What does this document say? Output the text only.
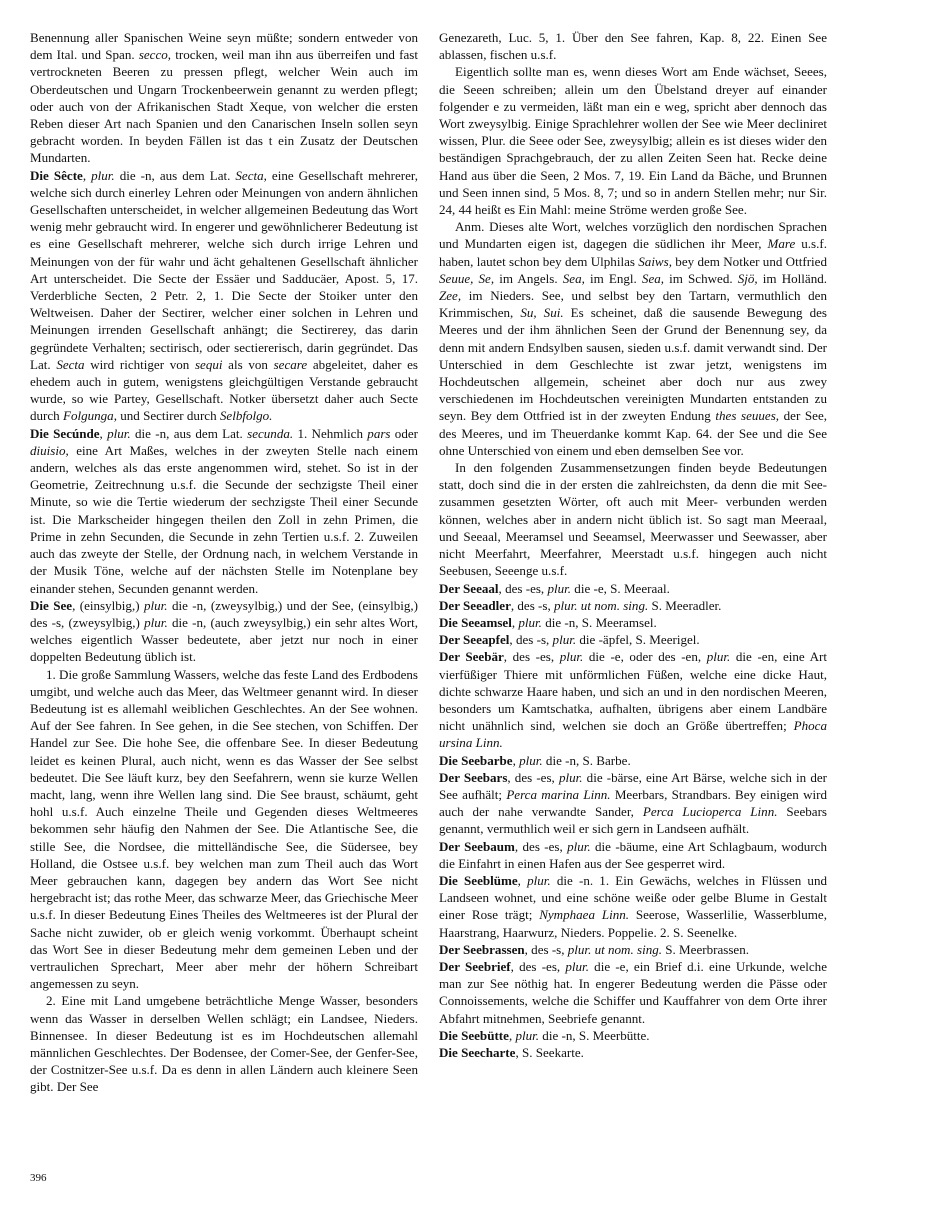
Benennung aller Spanischen Weine seyn müßte; sondern entweder von dem Ital. und Span. secco, trocken, weil man ihn aus überreifen und fast vertrockneten Beeren zu pressen pflegt, welcher Wein auch im Oberdeutschen und Ungarn Trockenbeerwein genannt zu werden pflegt; oder auch von der Afrikanischen Stadt Xeque, von welcher die ersten Reben dieser Art nach Spanien und den Canarischen Inseln sollen seyn gebracht worden. In beyden Fällen ist das t ein Zusatz der Deutschen Mundarten.

Die Sêcte, plur. die -n, aus dem Lat. Secta, eine Gesellschaft mehrerer, welche sich durch einerley Lehren oder Meinungen von andern ähnlichen Gesellschaften unterscheidet, in welcher allgemeinen Bedeutung das Wort wenig mehr gebraucht wird. In engerer und gewöhnlicherer Bedeutung ist es eine Gesellschaft mehrerer, welche sich durch irrige Lehren und Meinungen von der für wahr und ächt gehaltenen Gesellschaft ähnlicher Art unterscheidet. Die Secte der Essäer und Sadducäer, Apost. 5, 17. Verderbliche Secten, 2 Petr. 2, 1. Die Secte der Stoiker unter den Weltweisen. Daher der Sectirer, welcher einer solchen in Lehren und Meinungen irrenden Gesellschaft anhängt; die Sectirerey, das darin gegründete Verhalten; sectirisch, oder sectiererisch, darin gegründet. Das Lat. Secta wird richtiger von sequi als von secare abgeleitet, daher es ehedem auch in gutem, wenigstens gleichgültigen Verstande gebraucht wurde, so wie Partey, Gesellschaft. Notker übersetzt daher auch Secte durch Folgunga, und Sectirer durch Selbfolgo.

Die Secúnde, plur. die -n, aus dem Lat. secunda. 1. Nehmlich pars oder diuisio, eine Art Maßes, welches in der zweyten Stelle nach einem andern, welches als das erste angenommen wird, stehet. So ist in der Geometrie, Zeitrechnung u.s.f. die Secunde der sechzigste Theil einer Minute, so wie die Tertie wiederum der sechzigste Theil einer Secunde ist. Die Markscheider hingegen theilen den Zoll in zehn Primen, die Prime in zehn Secunden, die Secunde in zehn Tertien u.s.f. 2. Zuweilen auch das zweyte der Stelle, der Ordnung nach, in welchem Verstande in der Musik Töne, welche auf der nächsten Stelle im Notenplane bey einander stehen, Secunden genannt werden.

Die See, (einsylbig,) plur. die -n, (zweysylbig,) und der See, (einsylbig,) des -s, (zweysylbig,) plur. die -n, (auch zweysylbig,) ein sehr altes Wort, welches eigentlich Wasser bedeutete, aber jetzt nur noch in einer doppelten Bedeutung üblich ist.

1. Die große Sammlung Wassers, welche das feste Land des Erdbodens umgibt, und welche auch das Meer, das Weltmeer genannt wird. In dieser Bedeutung ist es allemahl weiblichen Geschlechtes. An der See wohnen. Auf der See fahren. In See gehen, in die See stechen, von Schiffen. Der Handel zur See. Die hohe See, die offenbare See. In dieser Bedeutung leidet es keinen Plural, auch nicht, wenn es das Wasser der See selbst bedeutet. Die See läuft kurz, bey den Seefahrern, wenn sie kurze Wellen macht, lang, wenn ihre Wellen lang sind. Die See braust, schäumt, geht hohl u.s.f. Auch einzelne Theile und Gegenden dieses Weltmeeres bekommen sehr häufig den Nahmen der See. Die Atlantische See, die stille See, die Nordsee, die mittelländische See, die Südersee, bey Holland, die Ostsee u.s.f. bey welchen man zum Theil auch das Wort Meer gebrauchen kann, dagegen bey andern das Wort See nicht hergebracht ist; das rothe Meer, das schwarze Meer, das Griechische Meer u.s.f. In dieser Bedeutung Eines Theiles des Weltmeeres ist der Plural der Sache nicht zuwider, ob er gleich wenig vorkommt. Überhaupt scheint das Wort See in dieser Bedeutung mehr dem gemeinen Leben und der vertraulichen Sprechart, Meer aber mehr der höhern Schreibart angemessen zu seyn.

2. Eine mit Land umgebene beträchtliche Menge Wasser, besonders wenn das Wasser in derselben Wellen schlägt; ein Landsee, Nieders. Binnensee. In dieser Bedeutung ist es im Hochdeutschen allemahl männlichen Geschlechtes. Der Bodensee, der Comer-See, der Genfer-See, der Costnitzer-See u.s.f. Da es denn in allen Ländern auch kleinere Seen gibt. Der See

Genezareth, Luc. 5, 1. Über den See fahren, Kap. 8, 22. Einen See ablassen, fischen u.s.f.

Eigentlich sollte man es, wenn dieses Wort am Ende wächset, Seees, die Seeen schreiben; allein um den Übelstand dreyer auf einander folgender e zu vermeiden, läßt man ein e weg, spricht aber dennoch das Wort zweysylbig. Einige Sprachlehrer wollen der See wie Meer decliniret wissen, Plur. die Seee oder See, zweysylbig; allein es ist dieses wider den beständigen Sprachgebrauch, der zu allen Zeiten Seen hat. Recke deine Hand aus über die Seen, 2 Mos. 7, 19. Ein Land da Bäche, und Brunnen und Seen innen sind, 5 Mos. 8, 7; und so in andern Stellen mehr; nur Sir. 24, 44 heißt es Ein Mahl: meine Ströme werden große See.

Anm. Dieses alte Wort, welches vorzüglich den nordischen Sprachen und Mundarten eigen ist, dagegen die südlichen ihr Meer, Mare u.s.f. haben, lautet schon bey dem Ulphilas Saiws, bey dem Notker und Ottfried Seuue, Se, im Angels. Sea, im Engl. Sea, im Schwed. Sjö, im Holländ. Zee, im Nieders. See, und selbst bey den Tartarn, vermuthlich den Krimmischen, Su, Sui. Es scheinet, daß die sausende Bewegung des Meeres und der ihm ähnlichen Seen der Grund der Benennung sey, da denn mit andern Endsylben sausen, sieden u.s.f. damit verwandt sind. Der Unterschied in dem Geschlechte ist zwar jetzt, wenigstens im Hochdeutschen allgemein, scheinet aber doch nur aus zwey verschiedenen im Hochdeutschen vereinigten Mundarten entstanden zu seyn. Bey dem Ottfried ist in der zweyten Endung thes seuues, der See, des Meeres, und im Theuerdanke kommt Kap. 64. der See und die See ohne Unterschied von einem und eben demselben See vor.

In den folgenden Zusammensetzungen finden beyde Bedeutungen statt, doch sind die in der ersten die zahlreichsten, da denn die mit See- zusammen gesetzten Wörter, oft auch mit Meer- verbunden werden können, welches aber in andern nicht üblich ist. So sagt man Meeraal, und Seeaal, Meeramsel und Seeamsel, Meerwasser und Seewasser, aber nicht Meerfahrt, Meerfahrer, Meerstadt u.s.f. hingegen auch nicht Seebusen, Seeenge u.s.f.

Der Seeaal, des -es, plur. die -e, S. Meeraal.

Der Seeadler, des -s, plur. ut nom. sing. S. Meeradler.

Die Seeamsel, plur. die -n, S. Meeramsel.

Der Seeapfel, des -s, plur. die -äpfel, S. Meerigel.

Der Seebär, des -es, plur. die -e, oder des -en, plur. die -en, eine Art vierfüßiger Thiere mit unförmlichen Füßen, welche eine dicke Haut, dichte schwarze Haare haben, und sich an und in den nordischen Meeren, besonders um Kamtschatka, aufhalten, übrigens aber einem Landbäre nicht unähnlich sind, welchen sie doch an Größe übertreffen; Phoca ursina Linn.

Die Seebarbe, plur. die -n, S. Barbe.

Der Seebars, des -es, plur. die -bärse, eine Art Bärse, welche sich in der See aufhält; Perca marina Linn. Meerbars, Strandbars. Bey einigen wird auch der nahe verwandte Sander, Perca Lucioperca Linn. Seebars genannt, vermuthlich weil er sich gern in Landseen aufhält.

Der Seebaum, des -es, plur. die -bäume, eine Art Schlagbaum, wodurch die Einfahrt in einen Hafen aus der See gesperret wird.

Die Seeblüme, plur. die -n. 1. Ein Gewächs, welches in Flüssen und Landseen wohnet, und eine schöne weiße oder gelbe Blume in Gestalt einer Rose trägt; Nymphaea Linn. Seerose, Wasserlilie, Wasserblume, Haarstrang, Haarwurz, Nieders. Poppelie. 2. S. Seenelke.

Der Seebrassen, des -s, plur. ut nom. sing. S. Meerbrassen.

Der Seebrief, des -es, plur. die -e, ein Brief d.i. eine Urkunde, welche man zur See nöthig hat. In engerer Bedeutung werden die Pässe oder Connoissements, welche die Schiffer und Kauffahrer von dem Orte ihrer Abfahrt mitnehmen, Seebriefe genannt.

Die Seebütte, plur. die -n, S. Meerbütte.

Die Seecharte, S. Seekarte.

396
